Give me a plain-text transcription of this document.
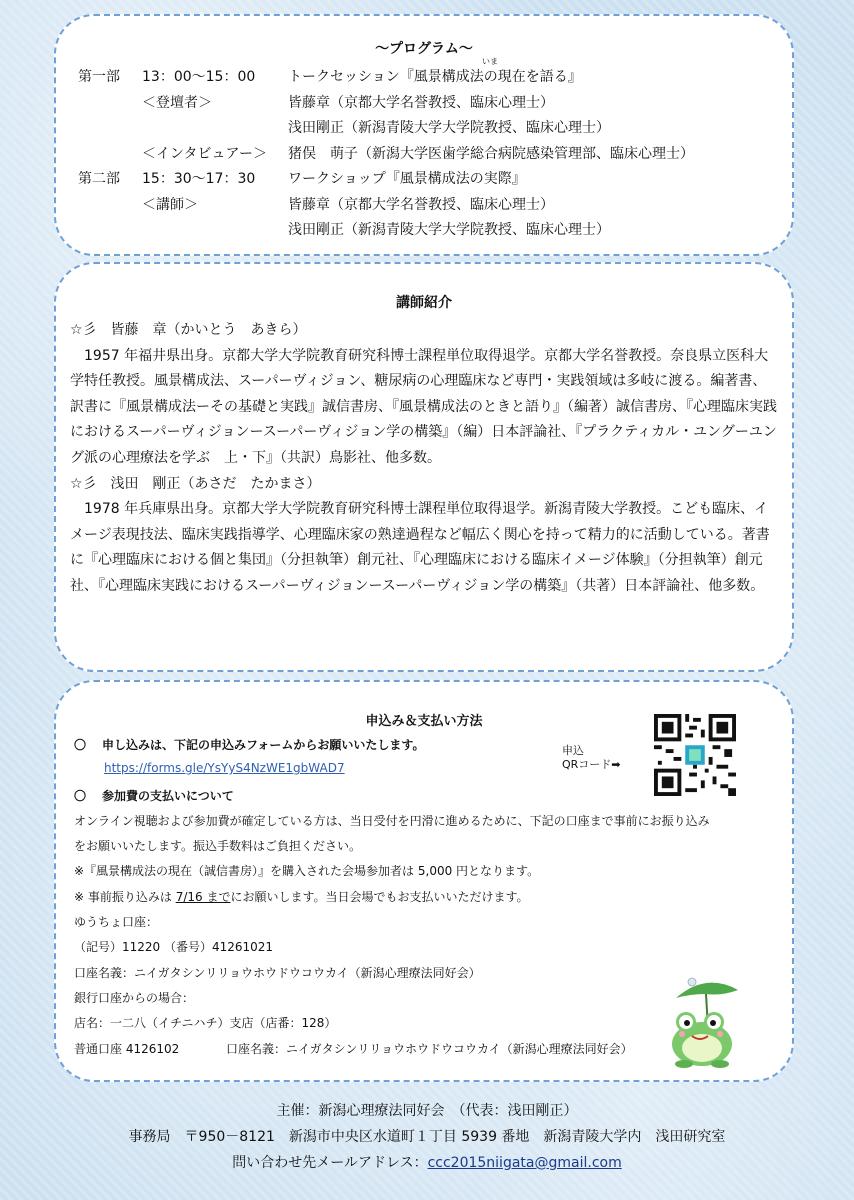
～プログラム～
いま
第一部 13：00～15：00 トークセッション『風景構成法の現在を語る』
＜登壇者＞	皆藤章（京都大学名誉教授、臨床心理士）
浅田剛正（新潟青陵大学大学院教授、臨床心理士）
＜インタビュアー＞ 猪俣　萌子（新潟大学医歯学総合病院感染管理部、臨床心理士）
第二部 15：30～17：30 ワークショップ『風景構成法の実際』
＜講師＞	皆藤章（京都大学名誉教授、臨床心理士）
浅田剛正（新潟青陵大学大学院教授、臨床心理士）
講師紹介

☆彡　皆藤　章（かいとう　あきら）

1957 年福井県出身。京都大学大学院教育研究科博士課程単位取得退学。京都大学名誉教授。奈良県立医科大学特任教授。風景構成法、スーパーヴィジョン、糖尿病の心理臨床など専門・実践領域は多岐に渡る。編著書、訳書に『風景構成法ーその基礎と実践』誠信書房、『風景構成法のときと語り』（編著）誠信書房、『心理臨床実践におけるスーパーヴィジョンースーパーヴィジョン学の構築』（編）日本評論社、『プラクティカル・ユングーユング派の心理療法を学ぶ　上・下』（共訳）鳥影社、他多数。

☆彡　浅田　剛正（あさだ　たかまさ）

1978 年兵庫県出身。京都大学大学院教育研究科博士課程単位取得退学。新潟青陵大学教授。こども臨床、イメージ表現技法、臨床実践指導学、心理臨床家の熟達過程など幅広く関心を持って精力的に活動している。著書に『心理臨床における個と集団』（分担執筆）創元社、『心理臨床における臨床イメージ体験』（分担執筆）創元社、『心理臨床実践におけるスーパーヴィジョンースーパーヴィジョン学の構築』（共著）日本評論社、他多数。

申込み＆支払い方法
申込
QRコード➡
〇 申し込みは、下記の申込みフォームからお願いいたします。
https://forms.gle/YsYyS4NzWE1gbWAD7
〇 参加費の支払いについて
オンライン視聴および参加費が確定している方は、当日受付を円滑に進めるために、下記の口座まで事前にお振り込み
をお願いいたします。振込手数料はご負担ください。
※『風景構成法の現在（誠信書房）』を購入された会場参加者は 5,000 円となります。
※ 事前振り込みは 7/16 までにお願いします。当日会場でもお支払いいただけます。
ゆうちょ口座：
（記号）11220 （番号）41261021
口座名義：ニイガタシンリリョウホウドウコウカイ（新潟心理療法同好会）
銀行口座からの場合：
店名：一二八（イチニハチ）支店（店番：128）
普通口座 4126102	口座名義：ニイガタシンリリョウホウドウコウカイ（新潟心理療法同好会）
主催：新潟心理療法同好会　（代表：浅田剛正）
事務局　〒950－8121　新潟市中央区水道町１丁目 5939 番地　新潟青陵大学内　浅田研究室
問い合わせ先メールアドレス：ccc2015niigata@gmail.com
